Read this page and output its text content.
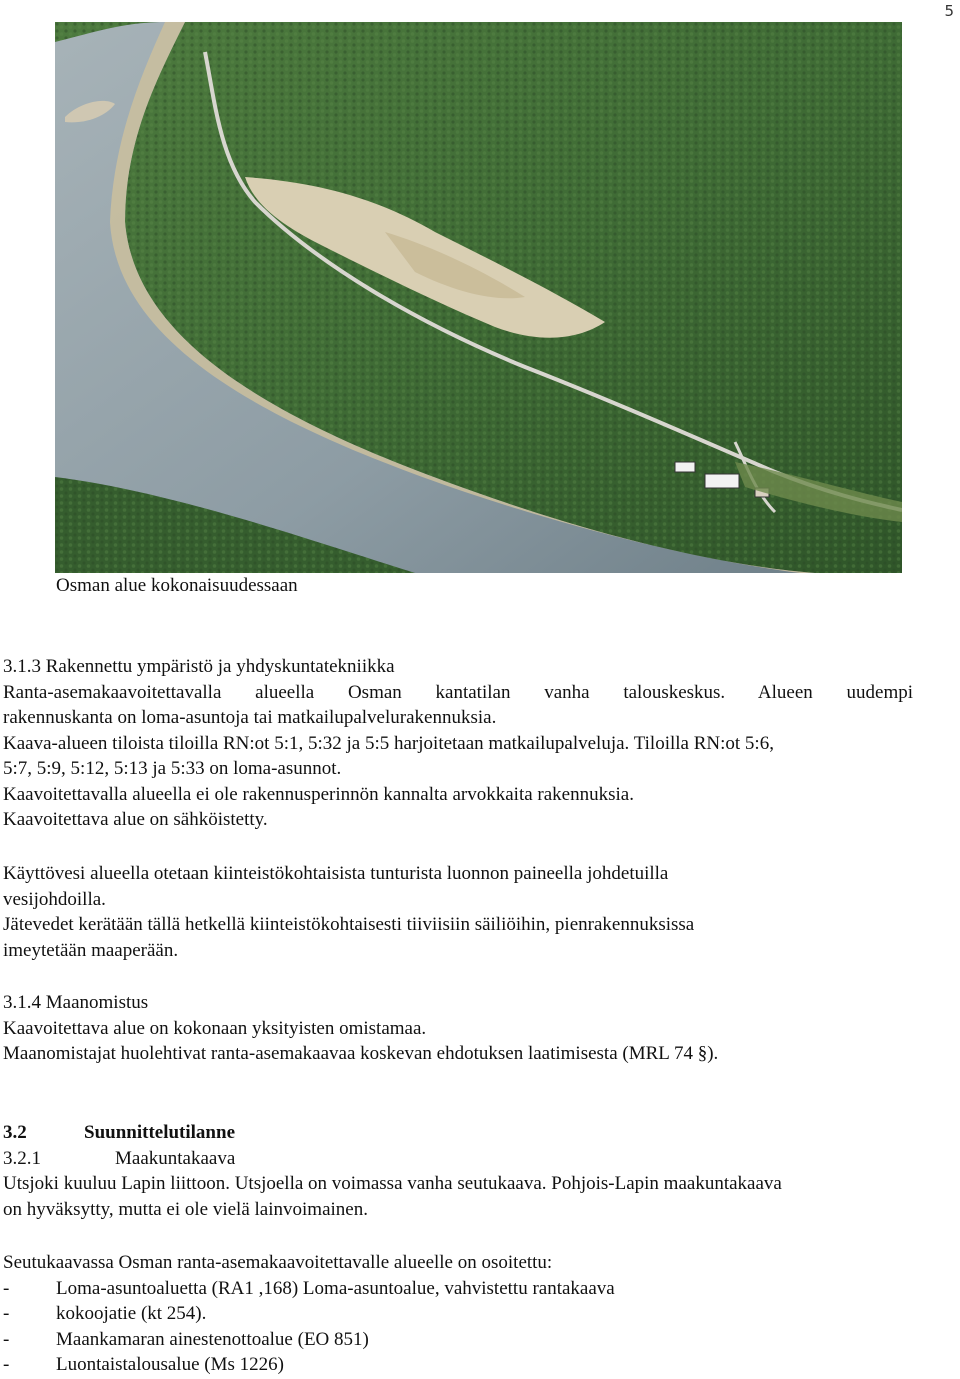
5
Osman alue kokonaisuudessaan
3.1.3 Rakennettu ympäristö ja yhdyskuntatekniikka
Ranta-asemakaavoitettavalla alueella Osman kantatilan vanha talouskeskus. Alueen uudempi
rakennuskanta on loma-asuntoja tai matkailupalvelurakennuksia.
Kaava-alueen tiloista tiloilla RN:ot 5:1, 5:32 ja 5:5 harjoitetaan matkailupalveluja. Tiloilla RN:ot 5:6,
5:7, 5:9, 5:12, 5:13 ja 5:33 on loma-asunnot.
Kaavoitettavalla alueella ei ole rakennusperinnön kannalta arvokkaita rakennuksia.
Kaavoitettava alue on sähköistetty.
Käyttövesi alueella otetaan kiinteistökohtaisista tunturista luonnon paineella johdetuilla
vesijohdoilla.
Jätevedet kerätään tällä hetkellä kiinteistökohtaisesti tiiviisiin säiliöihin, pienrakennuksissa
imeytetään maaperään.
3.1.4 Maanomistus
Kaavoitettava alue on kokonaan yksityisten omistamaa.
Maanomistajat huolehtivat ranta-asemakaavaa koskevan ehdotuksen laatimisesta (MRL 74 §).
3.2	Suunnittelutilanne
3.2.1	Maakuntakaava
Utsjoki kuuluu Lapin liittoon. Utsjoella on voimassa vanha seutukaava. Pohjois-Lapin maakuntakaava
on hyväksytty, mutta ei ole vielä lainvoimainen.
Seutukaavassa Osman ranta-asemakaavoitettavalle alueelle on osoitettu:
- Loma-asuntoaluetta (RA1 ,168) Loma-asuntoalue, vahvistettu rantakaava
- kokoojatie (kt 254).
- Maankamaran ainestenottoalue (EO 851)
- Luontaistalousalue (Ms 1226)
